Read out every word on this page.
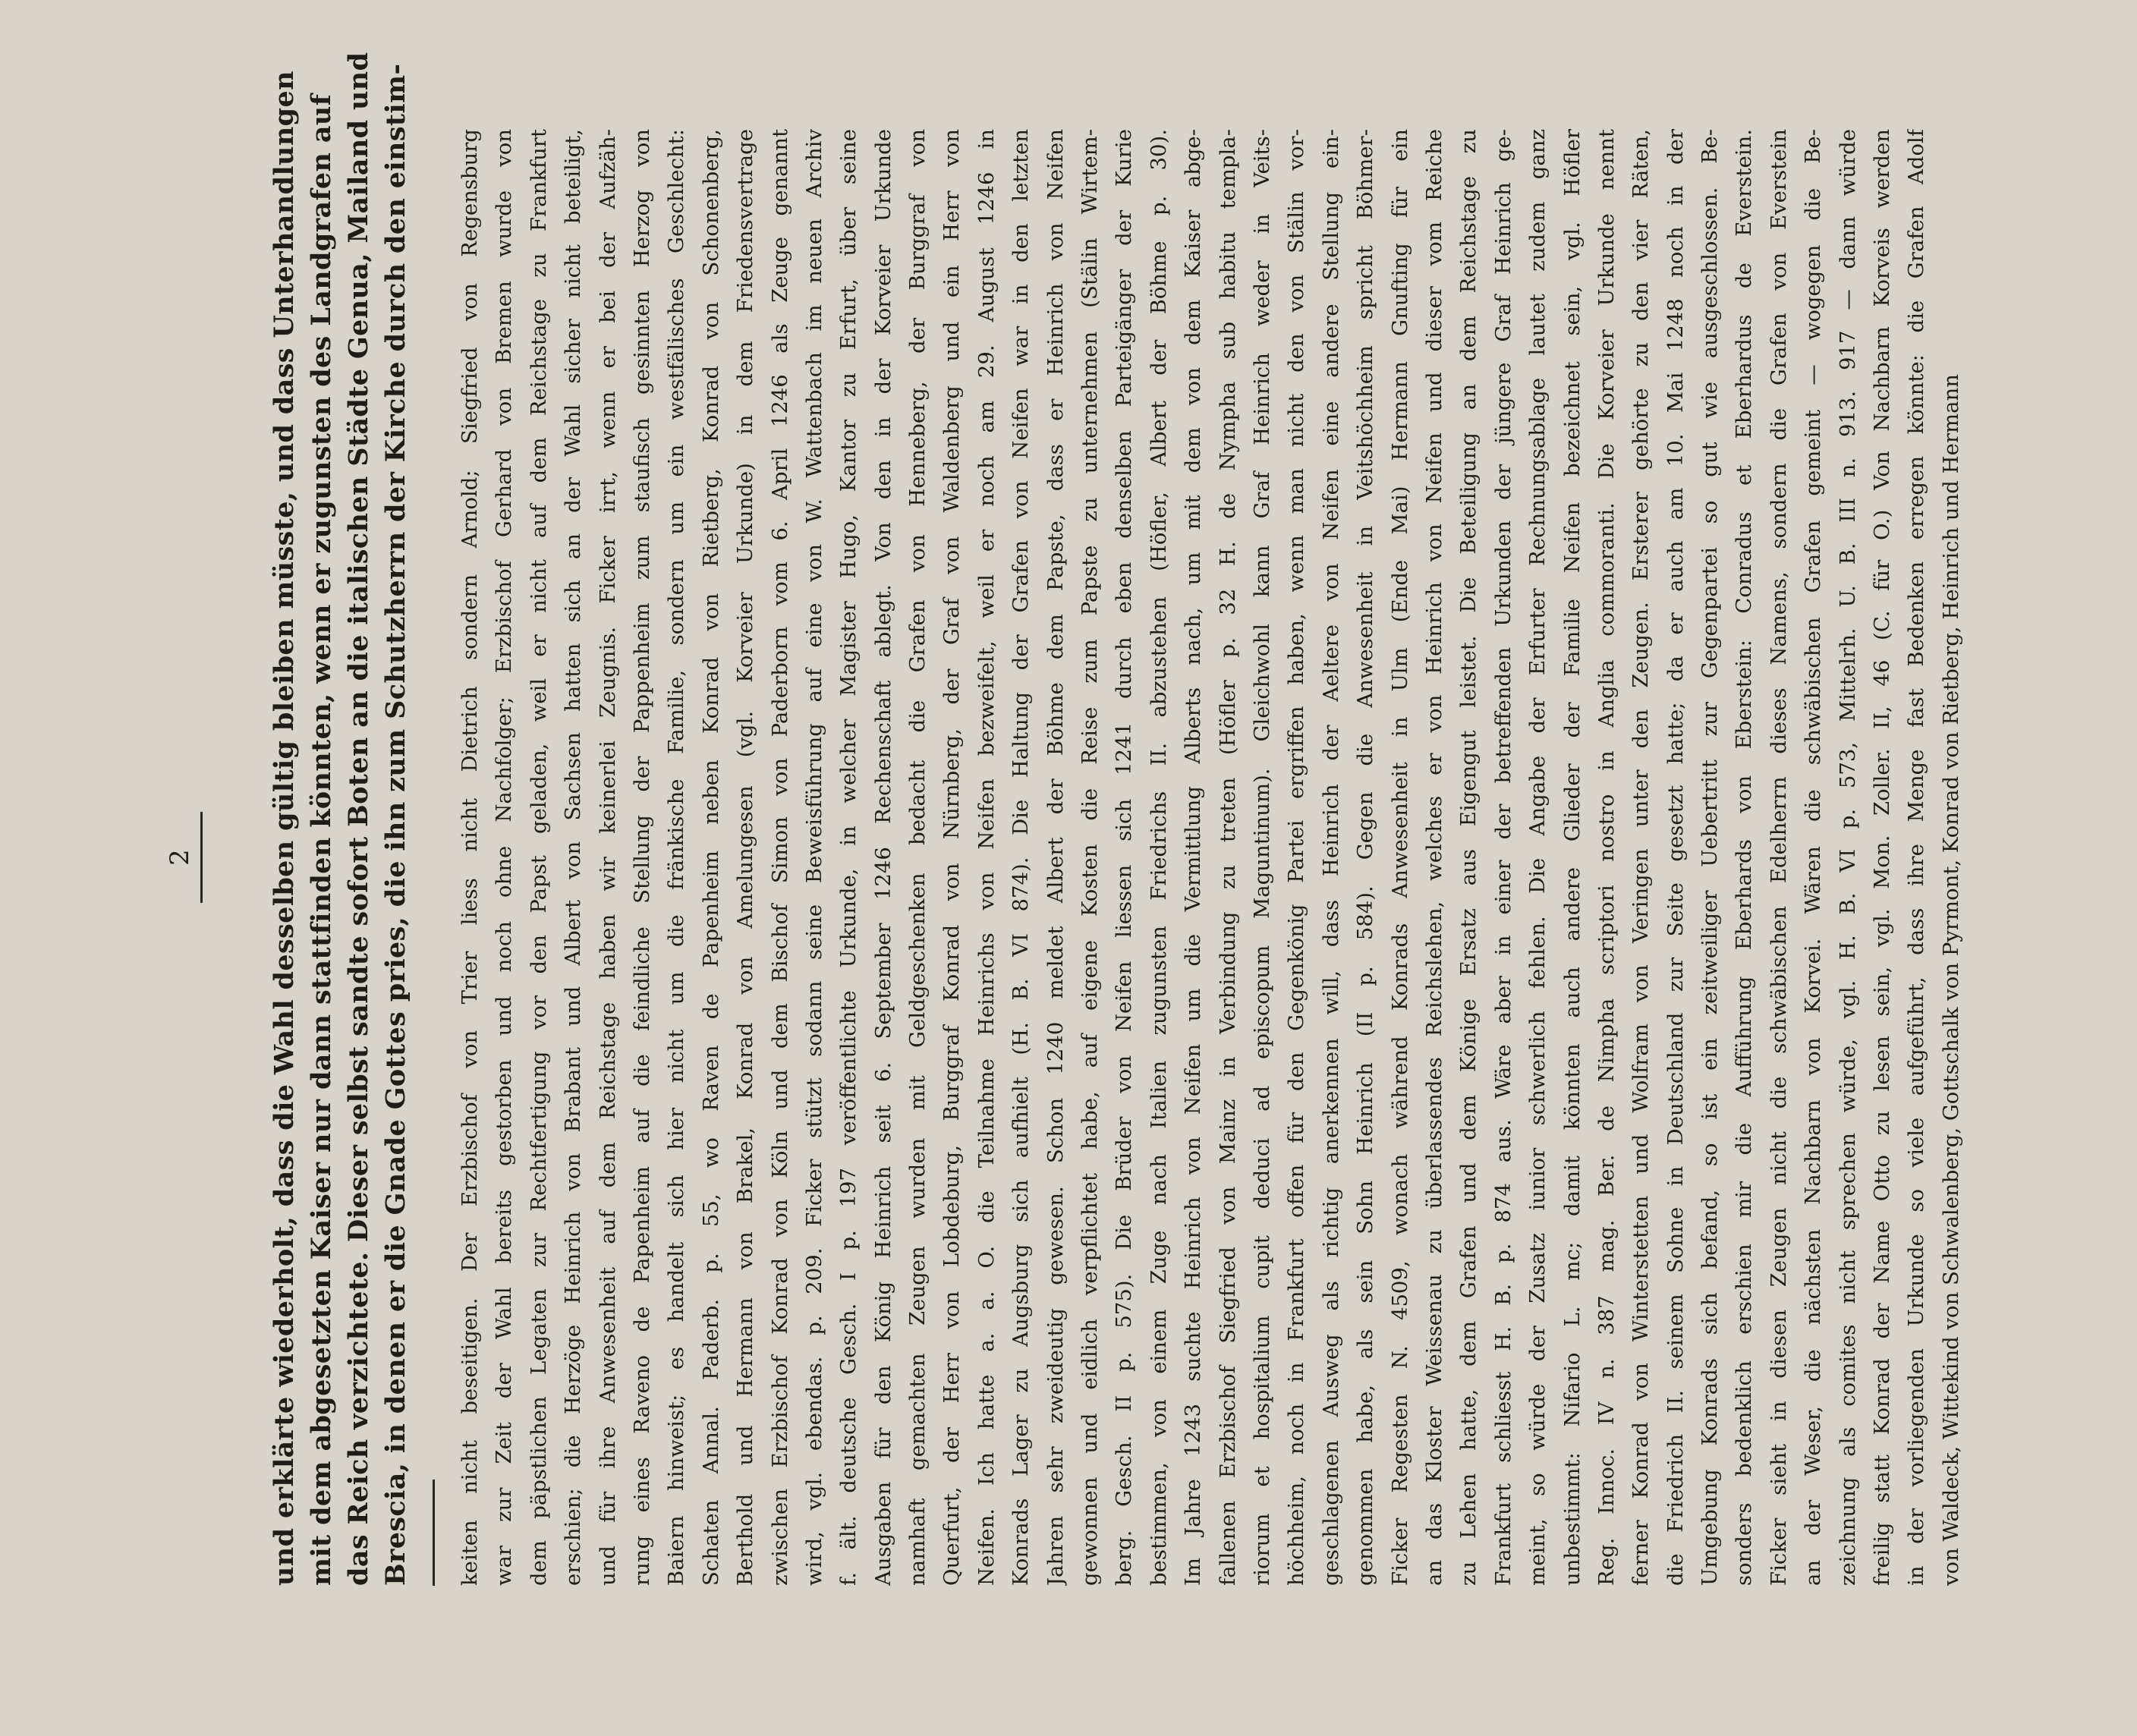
2	und erklärte wiederholt, dass die Wahl desselben gültig bleiben müsste, und dass Unterhandlungen mit dem abgesetzten Kaiser nur dann stattfinden könnten, wenn er zugunsten des Landgrafen auf das Reich verzichtete. Dieser selbst sandte sofort Boten an die italischen Städte Genua, Mailand und Brescia, in denen er die Gnade Gottes pries, die ihn zum Schutzherrn der Kirche durch den einstim- keiten nicht beseitigen. Der Erzbischof von Trier liess nicht Dietrich sondern Arnold; Siegfried von Regensburg war zur Zeit der Wahl bereits gestorben und noch ohne Nachfolger; Erzbischof Gerhard von Bremen wurde von dem päpstlichen Legaten zur Rechtfertigung vor den Papst geladen, weil er nicht auf dem Reichstage zu Frankfurt erschien; die Herzöge Heinrich von Brabant und Albert von Sachsen hatten sich an der Wahl sicher nicht beteiligt, und für ihre Anwesenheit auf dem Reichstage haben wir keinerlei Zeugnis. Ficker irrt, wenn er bei der Aufzäh- rung eines Raveno de Papenheim auf die feindliche Stellung der Pappenheim zum staufisch gesinnten Herzog von Baiern hinweist; es handelt sich hier nicht um die fränkische Familie, sondern um ein westfälisches Geschlecht: Schaten Annal. Paderb. p. 55, wo Raven de Papenheim neben Konrad von Rietberg, Konrad von Schonenberg, Berthold und Hermann von Brakel, Konrad von Amelungesen (vgl. Korveier Urkunde) in dem Friedensvertrage zwischen Erzbischof Konrad von Köln und dem Bischof Simon von Paderborn vom 6. April 1246 als Zeuge genannt wird, vgl. ebendas. p. 209. Ficker stützt sodann seine Beweisführung auf eine von W. Wattenbach im neuen Archiv f. ält. deutsche Gesch. I p. 197 veröffentlichte Urkunde, in welcher Magister Hugo, Kantor zu Erfurt, über seine Ausgaben für den König Heinrich seit 6. September 1246 Rechenschaft ablegt. Von den in der Korveier Urkunde namhaft gemachten Zeugen wurden mit Geldgeschenken bedacht die Grafen von Henneberg, der Burggraf von Querfurt, der Herr von Lobdeburg, Burggraf Konrad von Nürnberg, der Graf von Waldenberg und ein Herr von Neifen. Ich hatte a. a. O. die Teilnahme Heinrichs von Neifen bezweifelt, weil er noch am 29. August 1246 in Konrads Lager zu Augsburg sich aufhielt (H. B. VI 874). Die Haltung der Grafen von Neifen war in den letzten Jahren sehr zweideutig gewesen. Schon 1240 meldet Albert der Böhme dem Papste, dass er Heinrich von Neifen gewonnen und eidlich verpflichtet habe, auf eigene Kosten die Reise zum Papste zu unternehmen (Stälin Wirtem- berg. Gesch. II p. 575). Die Brüder von Neifen liessen sich 1241 durch eben denselben Parteigänger der Kurie bestimmen, von einem Zuge nach Italien zugunsten Friedrichs II. abzustehen (Höfler, Albert der Böhme p. 30). Im Jahre 1243 suchte Heinrich von Neifen um die Vermittlung Alberts nach, um mit dem von dem Kaiser abge- fallenen Erzbischof Siegfried von Mainz in Verbindung zu treten (Höfler p. 32 H. de Nympha sub habitu templa- riorum et hospitalium cupit deduci ad episcopum Maguntinum). Gleichwohl kann Graf Heinrich weder in Veits- höchheim, noch in Frankfurt offen für den Gegenkönig Partei ergriffen haben, wenn man nicht den von Stälin vor- geschlagenen Ausweg als richtig anerkennen will, dass Heinrich der Aeltere von Neifen eine andere Stellung ein- genommen habe, als sein Sohn Heinrich (II p. 584). Gegen die Anwesenheit in Veitshöchheim spricht Böhmer- Ficker Regesten N. 4509, wonach während Konrads Anwesenheit in Ulm (Ende Mai) Hermann Gnufting für ein an das Kloster Weissenau zu überlassendes Reichslehen, welches er von Heinrich von Neifen und dieser vom Reiche zu Lehen hatte, dem Grafen und dem Könige Ersatz aus Eigengut leistet. Die Beteiligung an dem Reichstage zu Frankfurt schliesst H. B. p. 874 aus. Wäre aber in einer der betreffenden Urkunden der jüngere Graf Heinrich ge- meint, so würde der Zusatz iunior schwerlich fehlen. Die Angabe der Erfurter Rechnungsablage lautet zudem ganz unbestimmt: Nifario L. mc; damit könnten auch andere Glieder der Familie Neifen bezeichnet sein, vgl. Höfler Reg. Innoc. IV n. 387 mag. Ber. de Nimpha scriptori nostro in Anglia commoranti. Die Korveier Urkunde nennt ferner Konrad von Winterstetten und Wolfram von Veringen unter den Zeugen. Ersterer gehörte zu den vier Räten, die Friedrich II. seinem Sohne in Deutschland zur Seite gesetzt hatte; da er auch am 10. Mai 1248 noch in der Umgebung Konrads sich befand, so ist ein zeitweiliger Uebertritt zur Gegenpartei so gut wie ausgeschlossen. Be- sonders bedenklich erschien mir die Aufführung Eberhards von Eberstein: Conradus et Eberhardus de Everstein. Ficker sieht in diesen Zeugen nicht die schwäbischen Edelherrn dieses Namens, sondern die Grafen von Everstein an der Weser, die nächsten Nachbarn von Korvei. Wären die schwäbischen Grafen gemeint — wogegen die Be- zeichnung als comites nicht sprechen würde, vgl. H. B. VI p. 573, Mittelrh. U. B. III n. 913. 917 — dann würde freilig statt Konrad der Name Otto zu lesen sein, vgl. Mon. Zoller. II, 46 (C. für O.) Von Nachbarn Korveis werden in der vorliegenden Urkunde so viele aufgeführt, dass ihre Menge fast Bedenken erregen könnte: die Grafen Adolf von Waldeck, Wittekind von Schwalenberg, Gottschalk von Pyrmont, Konrad von Rietberg, Heinrich und Hermann
